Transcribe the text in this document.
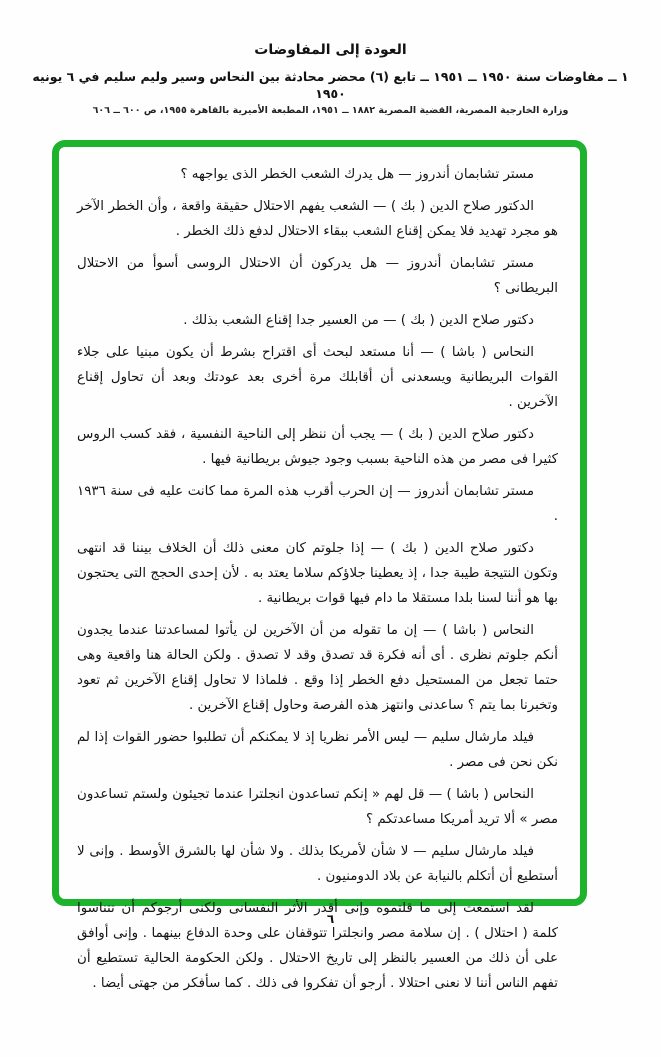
العودة إلى المفاوضات
١ ــ مفاوضات سنة ١٩٥٠ ــ ١٩٥١ ــ تابع (٦) محضر محادثة بين النحاس وسير وليم سليم في ٦ يونيه ١٩٥٠
وزارة الخارجية المصرية، القضية المصرية ١٨٨٢ ــ ١٩٥١، المطبعة الأميرية بالقاهرة ١٩٥٥، ص ٦٠٠ ــ ٦٠٦

مستر تشابمان أندروز — هل يدرك الشعب الخطر الذى يواجهه ؟

الدكتور صلاح الدين ( بك ) — الشعب يفهم الاحتلال حقيقة واقعة ، وأن الخطر الآخر هو مجرد تهديد فلا يمكن إقناع الشعب ببقاء الاحتلال لدفع ذلك الخطر .

مستر تشابمان أندروز — هل يدركون أن الاحتلال الروسى أسوأ من الاحتلال البريطانى ؟

دكتور صلاح الدين ( بك ) — من العسير جدا إقناع الشعب بذلك .

النحاس ( باشا ) — أنا مستعد لبحث أى اقتراح بشرط أن يكون مبنيا على جلاء القوات البريطانية ويسعدنى أن أقابلك مرة أخرى بعد عودتك وبعد أن تحاول إقناع الآخرين .

دكتور صلاح الدين ( بك ) — يجب أن ننظر إلى الناحية النفسية ، فقد كسب الروس كثيرا فى مصر من هذه الناحية بسبب وجود جيوش بريطانية فيها .

مستر تشابمان أندروز — إن الحرب أقرب هذه المرة مما كانت عليه فى سنة ١٩٣٦ .

دكتور صلاح الدين ( بك ) — إذا جلوتم كان معنى ذلك أن الخلاف بيننا قد انتهى وتكون النتيجة طيبة جدا ، إذ يعطينا جلاؤكم سلاما يعتد به . لأن إحدى الحجج التى يحتجون بها هو أننا لسنا بلدا مستقلا ما دام فيها قوات بريطانية .

النحاس ( باشا ) — إن ما تقوله من أن الآخرين لن يأتوا لمساعدتنا عندما يجدون أنكم جلوتم نظرى . أى أنه فكرة قد تصدق وقد لا تصدق . ولكن الحالة هنا واقعية وهى حتما تجعل من المستحيل دفع الخطر إذا وقع . فلماذا لا تحاول إقناع الآخرين ثم تعود وتخبرنا بما يتم ؟ ساعدنى وانتهز هذه الفرصة وحاول إقناع الآخرين .

فيلد مارشال سليم — ليس الأمر نظريا إذ لا يمكنكم أن تطلبوا حضور القوات إذا لم نكن نحن فى مصر .

النحاس ( باشا ) — قل لهم « إنكم تساعدون انجلترا عندما تجيئون ولستم تساعدون مصر » ألا تريد أمريكا مساعدتكم ؟

فيلد مارشال سليم — لا شأن لأمريكا بذلك . ولا شأن لها بالشرق الأوسط . وإنى لا أستطيع أن أتكلم بالنيابة عن بلاد الدومنيون .

لقد استمعت إلى ما قلتموه وإنى أقدر الأثر النفسانى ولكنى أرجوكم أن تتناسوا كلمة ( احتلال ) . إن سلامة مصر وانجلترا تتوقفان على وحدة الدفاع بينهما . وإنى أوافق على أن ذلك من العسير بالنظر إلى تاريخ الاحتلال . ولكن الحكومة الحالية تستطيع أن تفهم الناس أننا لا نعنى احتلالا . أرجو أن تفكروا فى ذلك . كما سأفكر من جهتى أيضا .

٦
